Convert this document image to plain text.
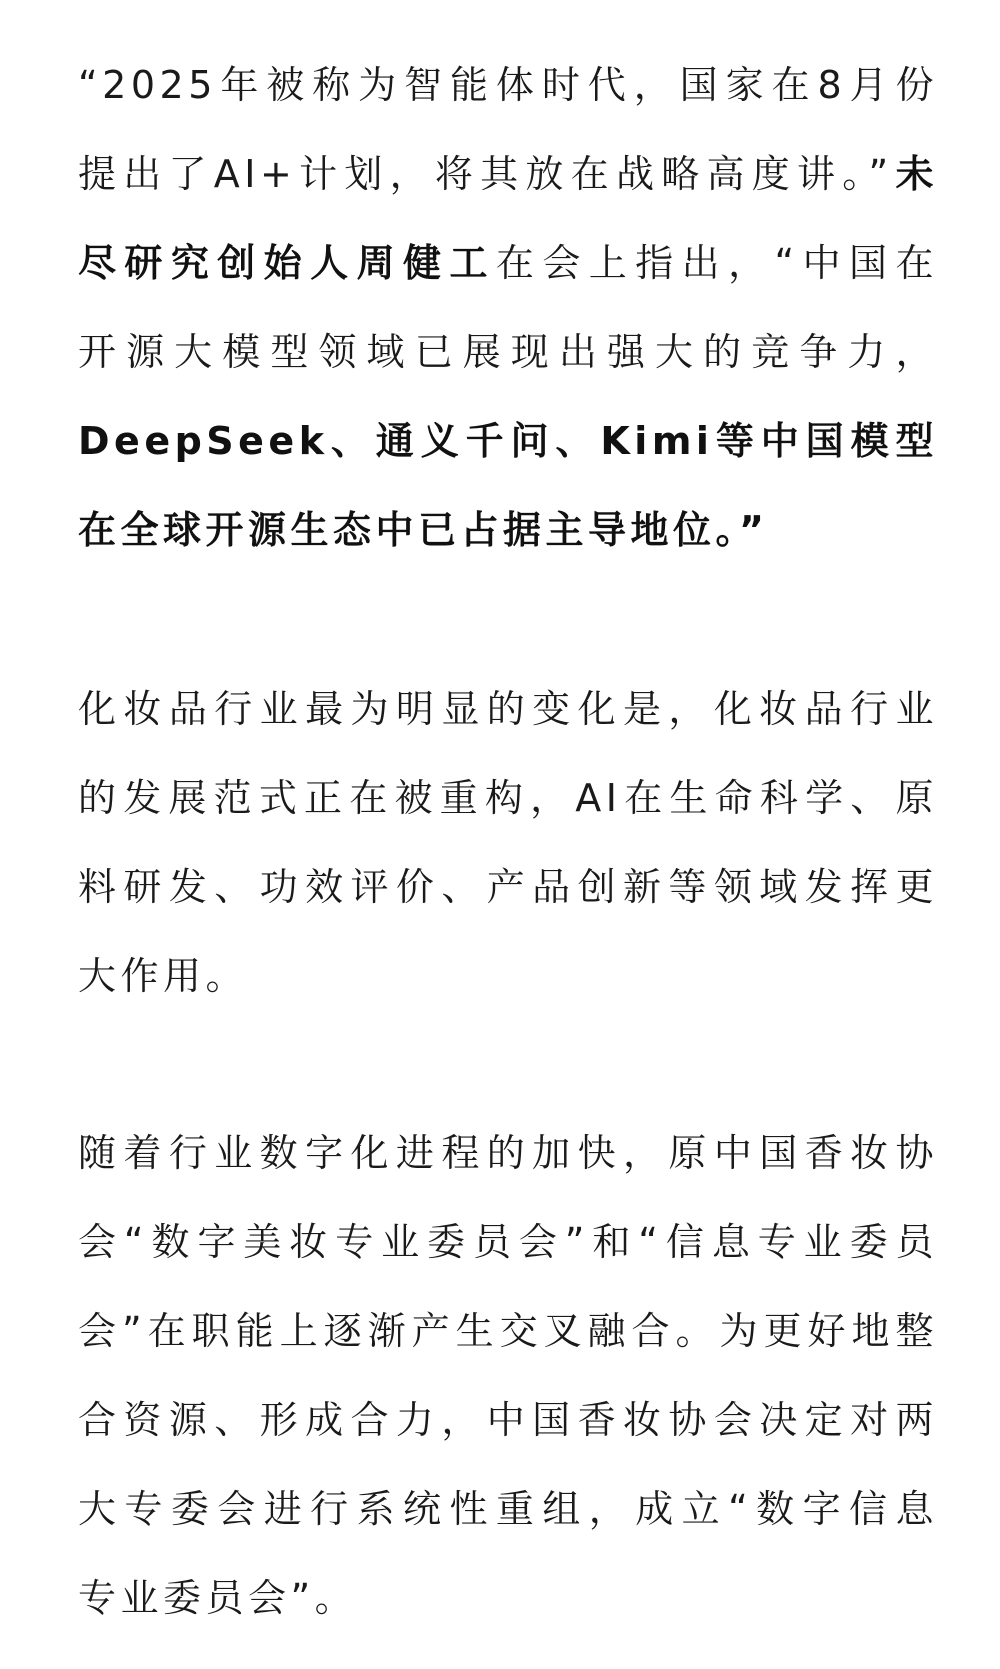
“2025年被称为智能体时代，国家在8月份
提出了AI+计划，将其放在战略高度讲。”未
尽研究创始人周健工在会上指出，“中国在
开源大模型领域已展现出强大的竞争力，
DeepSeek、通义千问、Kimi等中国模型
在全球开源生态中已占据主导地位。”
化妆品行业最为明显的变化是，化妆品行业
的发展范式正在被重构，AI在生命科学、原
料研发、功效评价、产品创新等领域发挥更
大作用。
随着行业数字化进程的加快，原中国香妆协
会“数字美妆专业委员会”和“信息专业委员
会”在职能上逐渐产生交叉融合。为更好地整
合资源、形成合力，中国香妆协会决定对两
大专委会进行系统性重组，成立“数字信息
专业委员会”。
